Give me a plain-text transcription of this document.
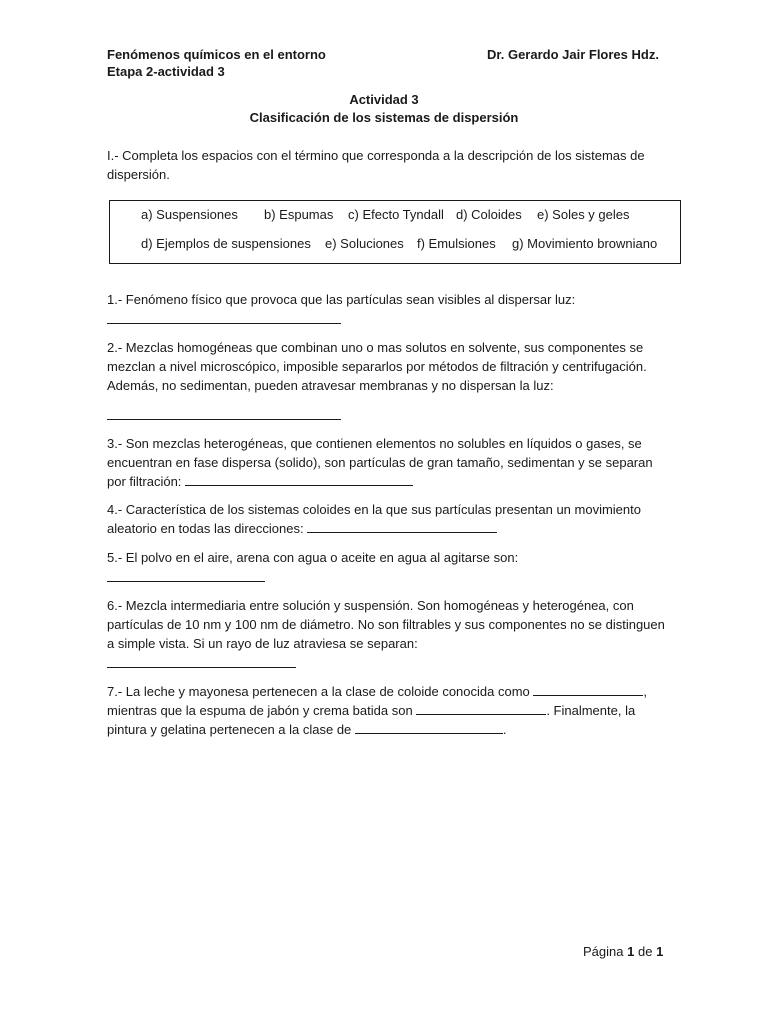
Fenómenos químicos en el entorno
Etapa 2-actividad 3
Dr. Gerardo Jair Flores Hdz.
Actividad 3
Clasificación de los sistemas de dispersión

I.- Completa los espacios con el término que corresponda a la descripción de los sistemas de dispersión.

a) Suspensiones b) Espumas c) Efecto Tyndall d) Coloides e) Soles y geles
d) Ejemplos de suspensiones e) Soluciones f) Emulsiones g) Movimiento browniano

1.- Fenómeno físico que provoca que las partículas sean visibles al dispersar luz:

2.- Mezclas homogéneas que combinan uno o mas solutos en solvente, sus componentes se mezclan a nivel microscópico, imposible separarlos por métodos de filtración y centrifugación. Además, no sedimentan, pueden atravesar membranas y no dispersan la luz:

3.- Son mezclas heterogéneas, que contienen elementos no solubles en líquidos o gases, se encuentran en fase dispersa (solido), son partículas de gran tamaño, sedimentan y se separan por filtración:

4.- Característica de los sistemas coloides en la que sus partículas presentan un movimiento aleatorio en todas las direcciones:

5.- El polvo en el aire, arena con agua o aceite en agua al agitarse son:

6.- Mezcla intermediaria entre solución y suspensión. Son homogéneas y heterogénea, con partículas de 10 nm y 100 nm de diámetro. No son filtrables y sus componentes no se distinguen a simple vista. Si un rayo de luz atraviesa se separan:

7.- La leche y mayonesa pertenecen a la clase de coloide conocida como	, mientras que la espuma de jabón y crema batida son	. Finalmente, la pintura y gelatina pertenecen a la clase de	.

Página 1 de 1
